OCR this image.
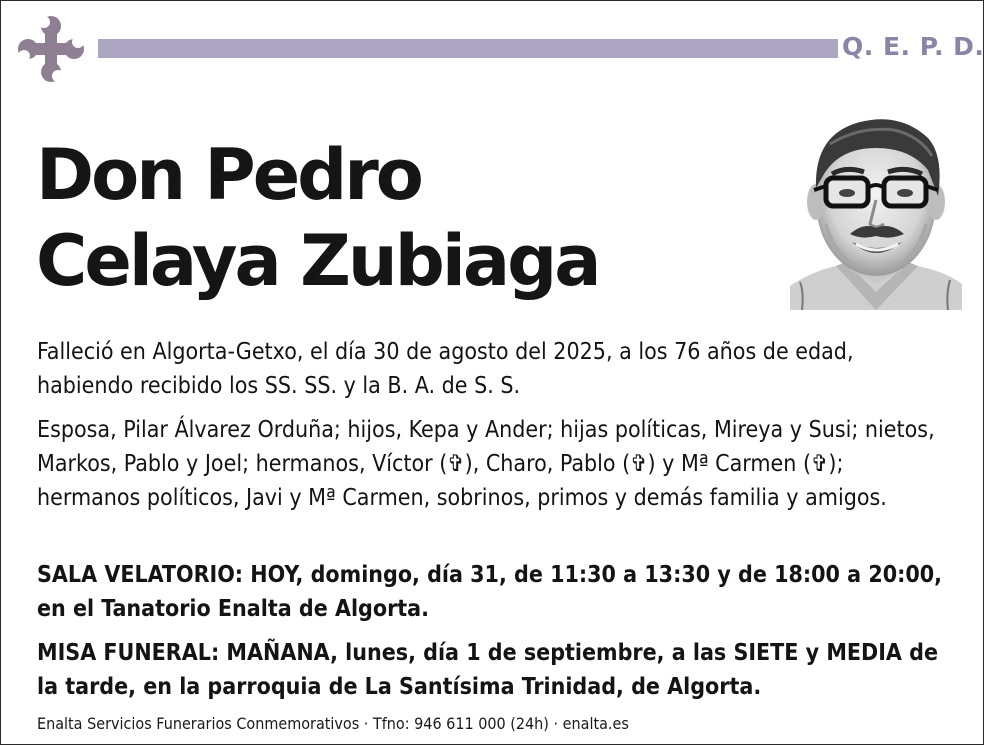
Q. E. P. D.
Don Pedro
Celaya Zubiaga

Falleció en Algorta-Getxo, el día 30 de agosto del 2025, a los 76 años de edad,
habiendo recibido los SS. SS. y la B. A. de S. S.

Esposa, Pilar Álvarez Orduña; hijos, Kepa y Ander; hijas políticas, Mireya y Susi; nietos, Markos, Pablo y Joel; hermanos, Víctor (✞), Charo, Pablo (✞) y Mª Carmen (✞); hermanos políticos, Javi y Mª Carmen, sobrinos, primos y demás familia y amigos.

SALA VELATORIO: HOY, domingo, día 31, de 11:30 a 13:30 y de 18:00 a 20:00, en el Tanatorio Enalta de Algorta.

MISA FUNERAL: MAÑANA, lunes, día 1 de septiembre, a las SIETE y MEDIA de la tarde, en la parroquia de La Santísima Trinidad, de Algorta.

Enalta Servicios Funerarios Conmemorativos · Tfno: 946 611 000 (24h) · enalta.es
